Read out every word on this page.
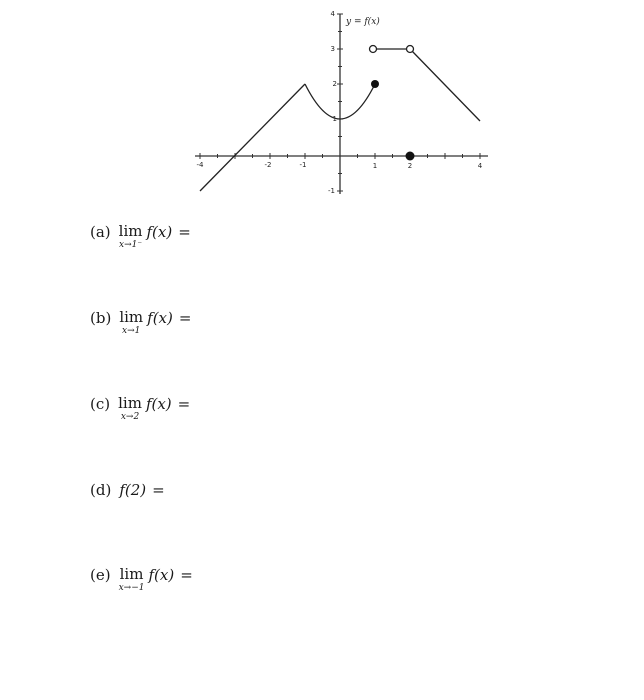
-4	-2	-1	1	2	4
4
3
2
1
-1
y = f(x)
(a) lim
x→1⁻
f(x) =
(b) lim
x→1
f(x) =
(c) lim
x→2
f(x) =
(d) f(2) =
(e) lim
x→−1
f(x) =
